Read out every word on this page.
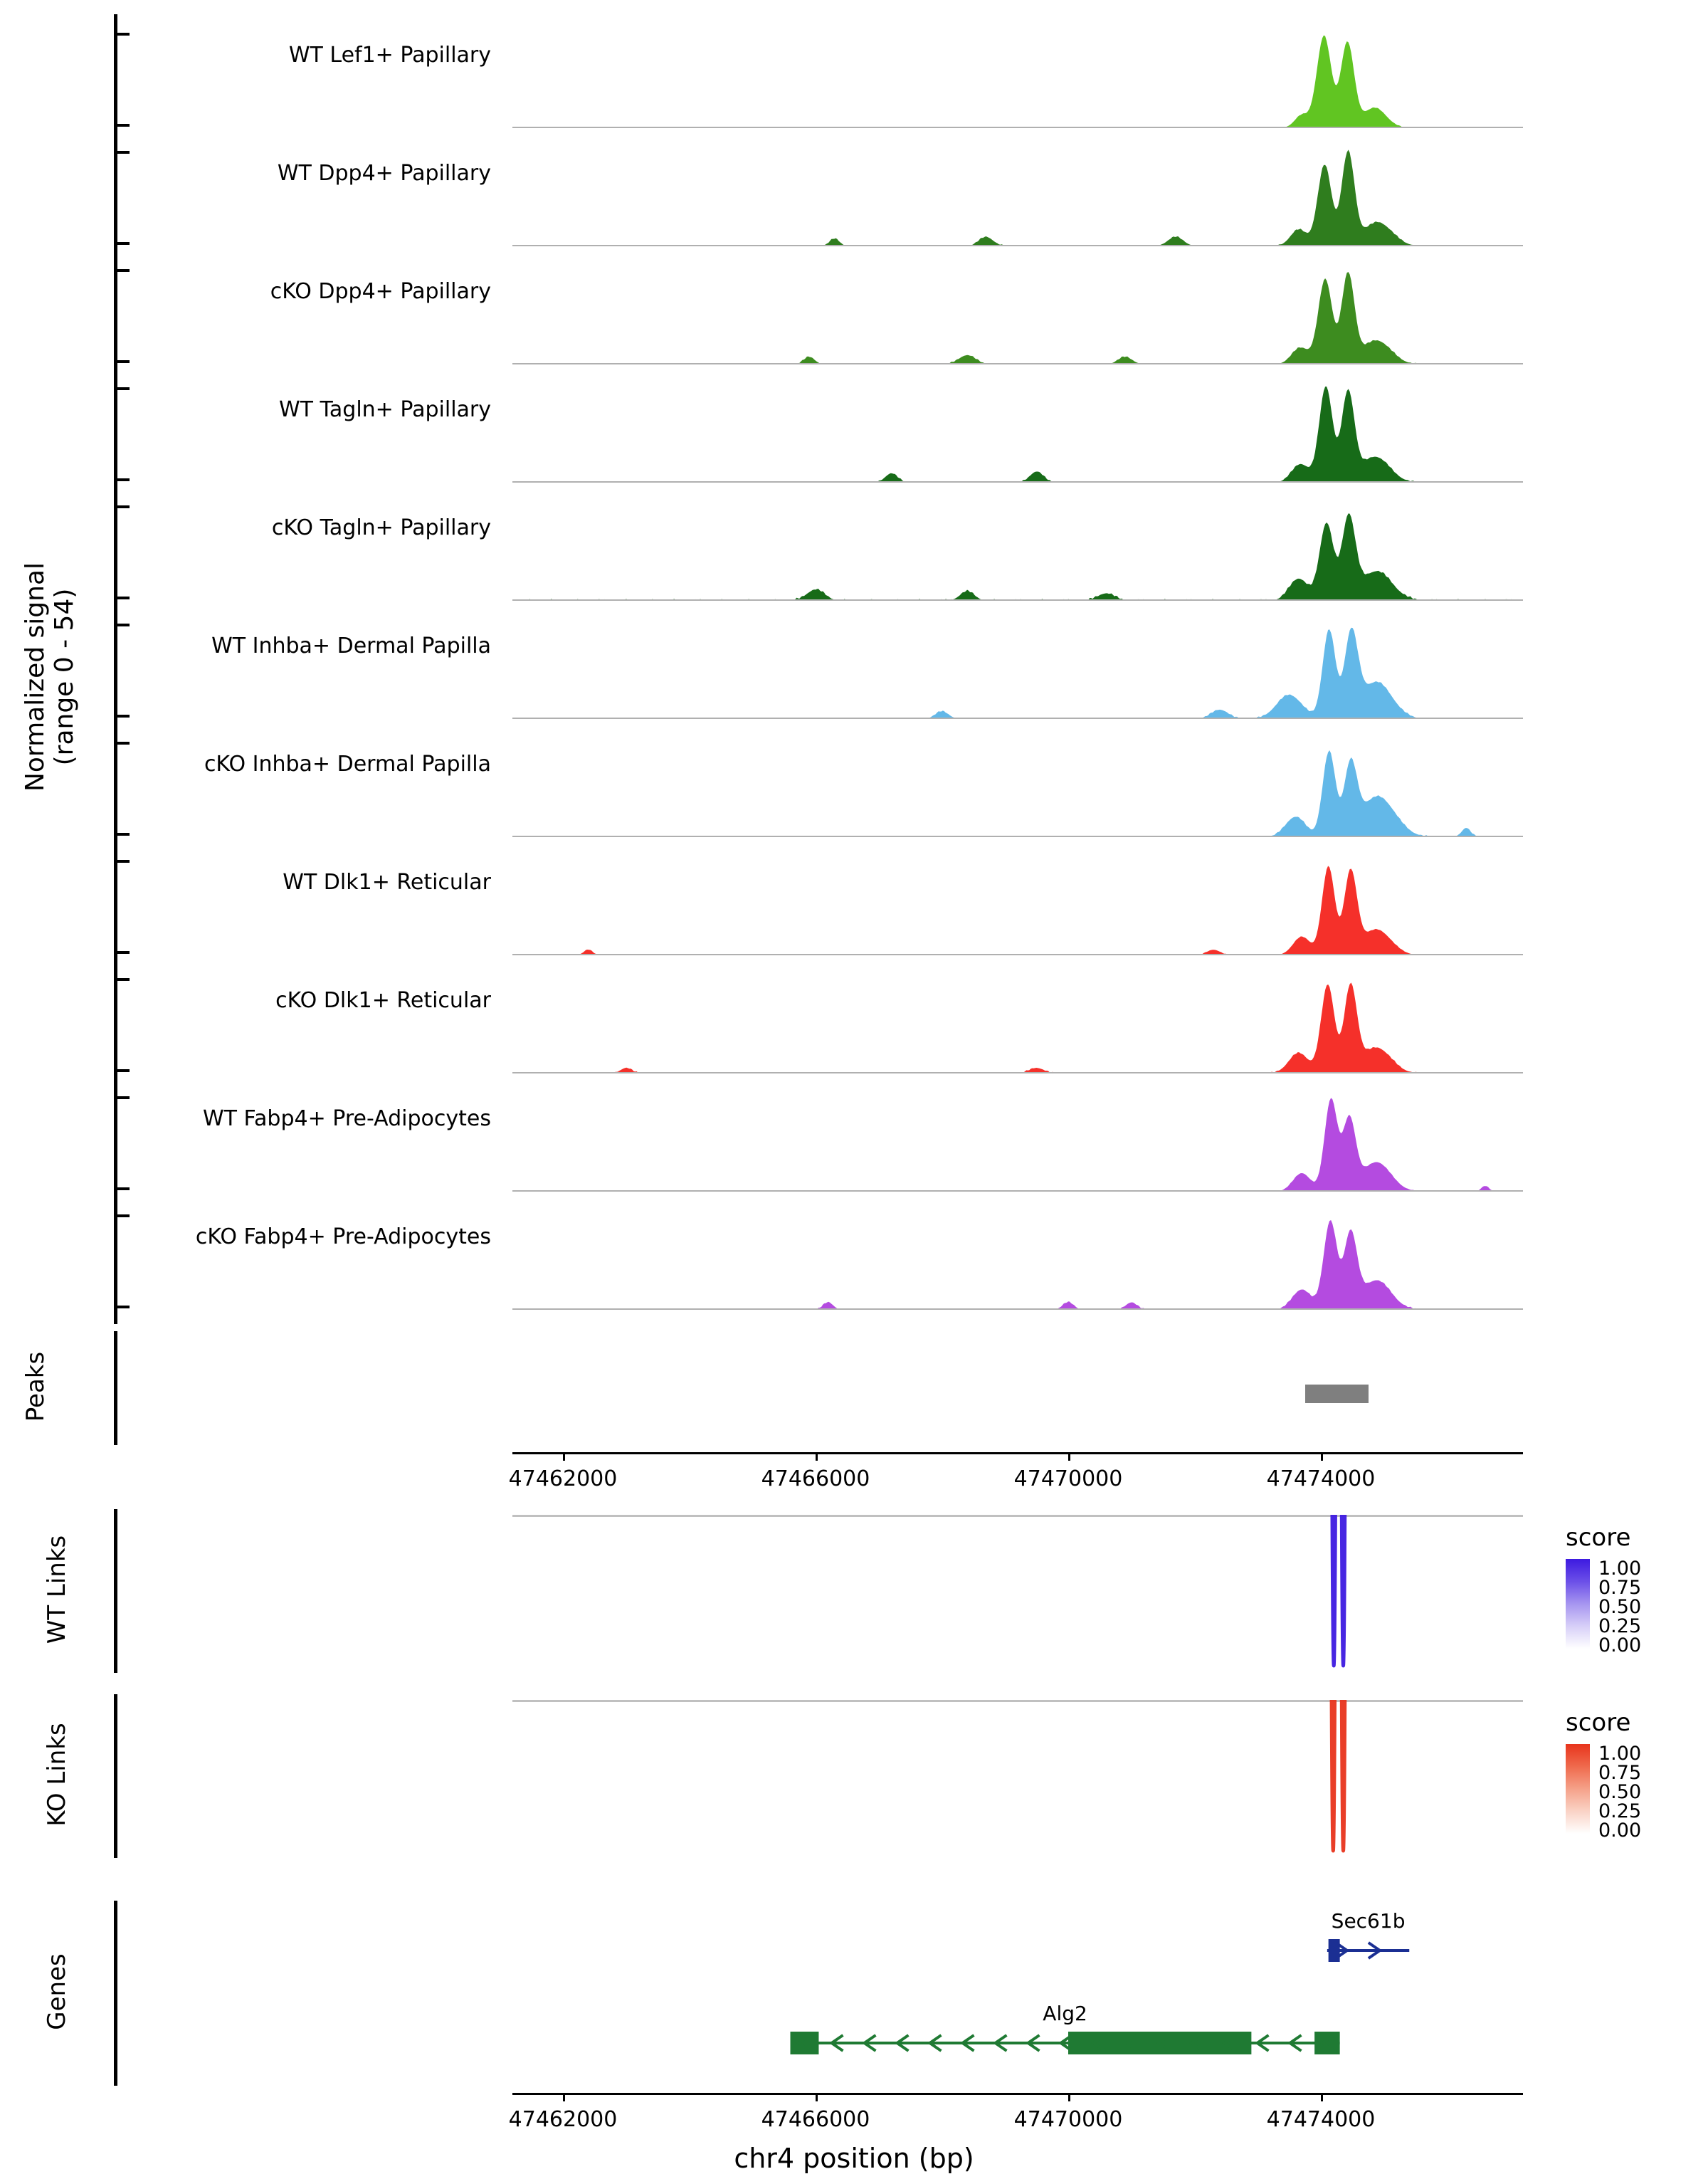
WT Lef1+ Papillary
WT Dpp4+ Papillary
cKO Dpp4+ Papillary
WT Tagln+ Papillary
cKO Tagln+ Papillary
WT Inhba+ Dermal Papilla
cKO Inhba+ Dermal Papilla
WT Dlk1+ Reticular
cKO Dlk1+ Reticular
WT Fabp4+ Pre-Adipocytes
cKO Fabp4+ Pre-Adipocytes
Normalized signal (range 0 - 54)
Peaks
47462000	47466000	47470000	47474000
WT Links
KO Links
score
1.00
0.75
0.50
0.25
0.00
score
1.00
0.75
0.50
0.25
0.00
Genes
Sec61b
Alg2
47462000	47466000	47470000	47474000
chr4 position (bp)
